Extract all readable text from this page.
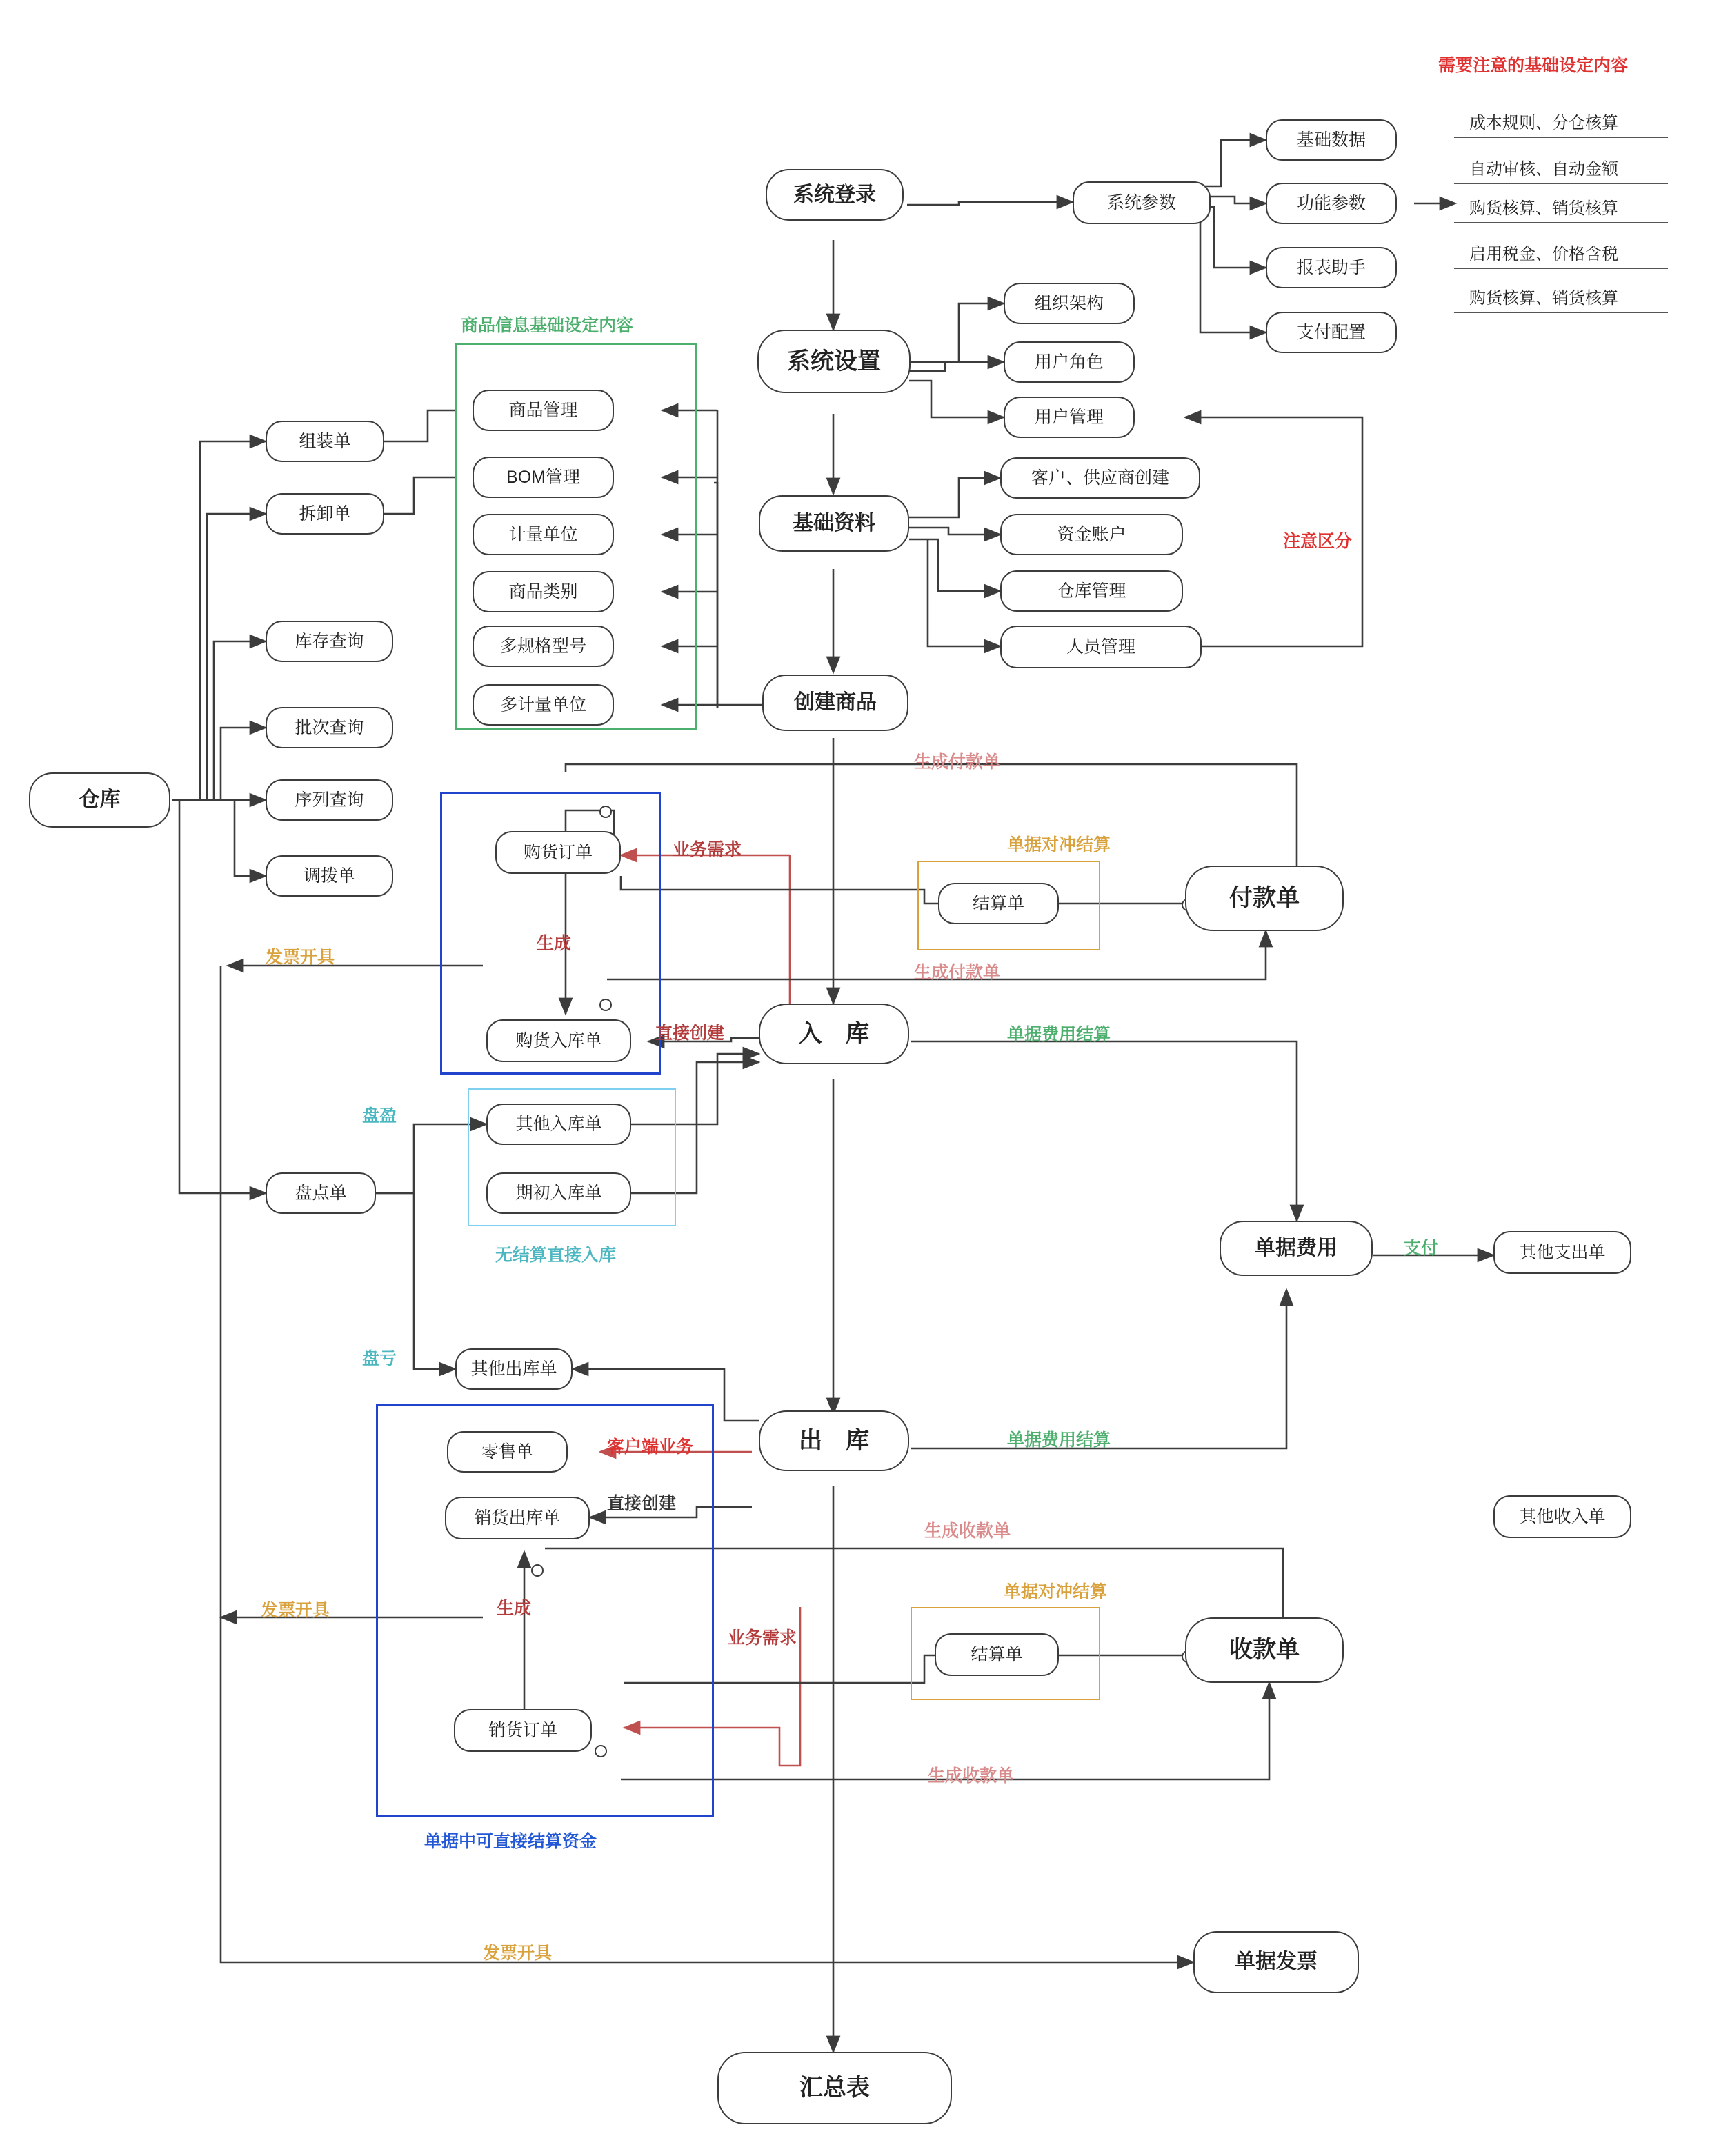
商品信息基础设定内容
无结算直接入库
单据中可直接结算资金
需要注意的基础设定内容
成本规则、分仓核算
自动审核、自动金额
购货核算、销货核算
启用税金、价格含税
购货核算、销货核算
系统登录
系统设置
基础资料
创建商品
入　库
出　库
汇总表
系统参数
组织架构
用户角色
用户管理
基础数据
功能参数
报表助手
支付配置
客户、供应商创建
资金账户
仓库管理
人员管理
商品管理
BOM管理
计量单位
商品类别
多规格型号
多计量单位
仓库
组装单
拆卸单
库存查询
批次查询
序列查询
调拨单
盘点单
购货订单
购货入库单
结算单	付款单
其他入库单
期初入库单
单据费用	其他支出单
其他出库单
零售单
销货出库单
销货订单
结算单	收款单
其他收入单
单据发票
注意区分
生成付款单
业务需求	单据对冲结算
生成
生成付款单
发票开具
直接创建	单据费用结算
盘盈
盘亏
支付
客户端业务
直接创建
单据费用结算
生成收款单
单据对冲结算
生成
业务需求
发票开具
生成收款单
发票开具
